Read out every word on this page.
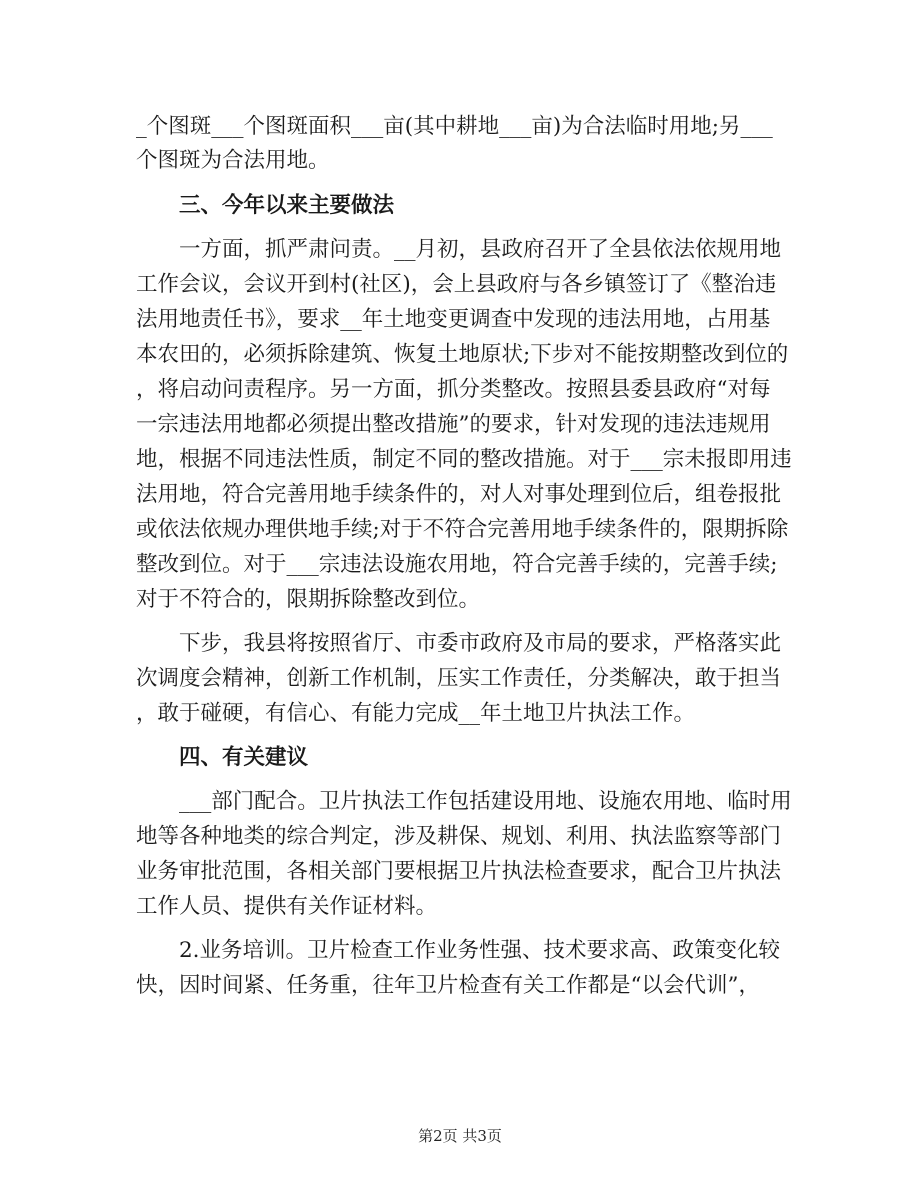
_个图斑___个图斑面积___亩(其中耕地___亩)为合法临时用地;另___
个图斑为合法用地。
　　三、今年以来主要做法
　　一方面，抓严肃问责。__月初，县政府召开了全县依法依规用地
工作会议，会议开到村(社区)，会上县政府与各乡镇签订了《整治违
法用地责任书》，要求__年土地变更调查中发现的违法用地，占用基
本农田的，必须拆除建筑、恢复土地原状;下步对不能按期整改到位的
，将启动问责程序。另一方面，抓分类整改。按照县委县政府“对每
一宗违法用地都必须提出整改措施”的要求，针对发现的违法违规用
地，根据不同违法性质，制定不同的整改措施。对于___宗未报即用违
法用地，符合完善用地手续条件的，对人对事处理到位后，组卷报批
或依法依规办理供地手续;对于不符合完善用地手续条件的，限期拆除
整改到位。对于___宗违法设施农用地，符合完善手续的，完善手续;
对于不符合的，限期拆除整改到位。
　　下步，我县将按照省厅、市委市政府及市局的要求，严格落实此
次调度会精神，创新工作机制，压实工作责任，分类解决，敢于担当
，敢于碰硬，有信心、有能力完成__年土地卫片执法工作。
　　四、有关建议
　　___部门配合。卫片执法工作包括建设用地、设施农用地、临时用
地等各种地类的综合判定，涉及耕保、规划、利用、执法监察等部门
业务审批范围，各相关部门要根据卫片执法检查要求，配合卫片执法
工作人员、提供有关作证材料。
　　2.业务培训。卫片检查工作业务性强、技术要求高、政策变化较
快，因时间紧、任务重，往年卫片检查有关工作都是“以会代训”，
第2页 共3页
